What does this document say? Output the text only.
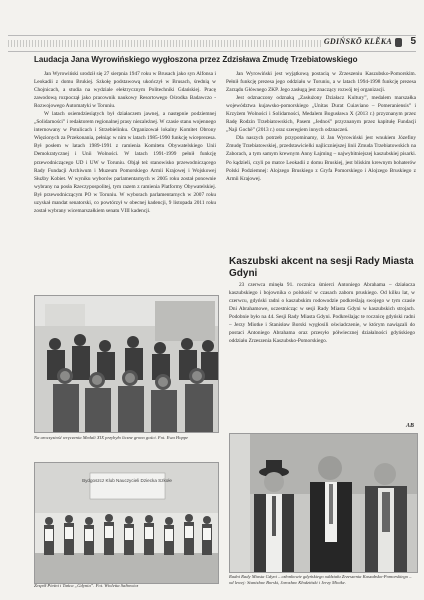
GDIŃSKŌ KLĔKA 5
Laudacja Jana Wyrowińskiego wygłoszona przez Zdzisława Zmudę Trzebiatowskiego

Jan Wyrowiński urodził się 27 sierpnia 1947 roku w Brusach jako syn Alfonsa i Leokadii z domu Brukiej. Szkołę podstawową ukończył w Brusach, średnią w Chojnicach, a studia na wydziale elektrycznym Politechniki Gdańskiej. Pracę zawodową rozpoczął jako pracownik naukowy Resortowego Ośrodka Badawczo - Rozwojowego Automatyki w Toruniu.

W latach osiemdziesiątych był działaczem jawnej, a następnie podziemnej „Solidarności” i redaktorem regionalnej prasy niezależnej. W czasie stanu wojennego internowany w Potulicach i Strzebielinku. Organizował lokalny Komitet Obrony Więzionych za Przekonania, pełniąc w nim w latach 1985-1990 funkcję wiceprezesa. Był posłem w latach 1989-1991 z ramienia Komitetu Obywatelskiego Unii Demokratycznej i Unii Wolności. W latach 1991-1999 pełnił funkcję przewodniczącego UD i UW w Toruniu. Objął też stanowisko przewodniczącego Rady Fundacji Archiwum i Muzeum Pomorskiego Armii Krajowej i Wojskowej Służby Kobiet. W wyniku wyborów parlamentarnych w 2005 roku został ponownie wybrany na posła Rzeczypospolitej, tym razem z ramienia Platformy Obywatelskiej. Był przewodniczącym PO w Toruniu. W wyborach parlamentarnych w 2007 roku uzyskał mandat senatorski, co powtórzył w obecnej kadencji, 9 listopada 2011 roku został wybrany wicemarszałkiem senatu VIII kadencji.

Jan Wyrowiński jest wyjątkową postacią w Zrzeszeniu Kaszubsko-Pomorskim. Pełnił funkcję prezesa jego oddziału w Toruniu, a w latach 1994-1998 funkcję prezesa Zarządu Głównego ZKP. Jego zasługą jest znaczący rozwój tej organizacji.

Jest odznaczony odznaką „Zasłużony Działacz Kultury”, medalem marszałka województwa kujawsko-pomorskiego „Unitas Durat Cuiaviano – Pomeraniensis” i Krzyżem Wolności i Solidarności, Medalem Bogusława X (2013 r.) przyznanym przez Radę Rodzin Trzebiatowskich, Pasem „Jednoś” przyznanym przez kapitułę Fundacji „Naji Gochë” (2013 r.) oraz szeregiem innych odznaczeń.

Dla naszych potrzeb przypominamy, iż Jan Wyrowiński jest wnukiem Józefiny Zmudę Trzebiatowskiej, przedstawicielki najliczniejszej linii Zmuda Trzebiatowskich na Zaborach, a tym samym krewnym Anny Łajming – najwybitniejszej kaszubskiej pisarki. Po kądzieli, czyli po matce Leokadii z domu Bruskiej, jest bliskim krewnym bohaterów Polski Podziemnej: Alojzego Bruskiego z Gryfa Pomorskiego i Alojzego Bruskiego z Armii Krajowej.

Kaszubski akcent na sesji Rady Miasta Gdyni

23 czerwca minęła 91. rocznica śmierci Antoniego Abrahama – działacza kaszubskiego i bojownika o polskość w czasach zaboru pruskiego. Od kilku lat, w czerwcu, gdyński radni o kaszubskim rodowodzie podkreślają swojego w tym czasie Dni Abrahamowe, uczestnicząc w sesji Rady Miasta Gdyni w kaszubskich strojach. Podobnie było na 44. Sesji Rady Miasta Gdyni. Podkreślając te rocznicę gdyński radni – Jerzy Miotke i Stanisław Borski wygłosili oświadczenie, w którym nawiązali do postaci Antoniego Abrahama oraz przesyło półwiecznej działalności gdyńskiego oddziału Zrzeszenia Kaszubsko-Pomorskiego.

AB
Na uroczystość wręczenia Medali XIX przybyło liczne grono gości. Fot. Ewa Hoppe
Bydgoszcz Klub Nauczycieli Dziecka Szkołe
Zespół Pieśni i Tańca „Gdynia”. Fot. Wioletta Sałtowicz
Radni Rady Miasta Gdyni – członkowie gdyńskiego oddziału Zrzeszenia Kaszubsko-Pomorskiego – od lewej: Stanisław Borski, Jarosław Kłodziński i Jerzy Miotke.
